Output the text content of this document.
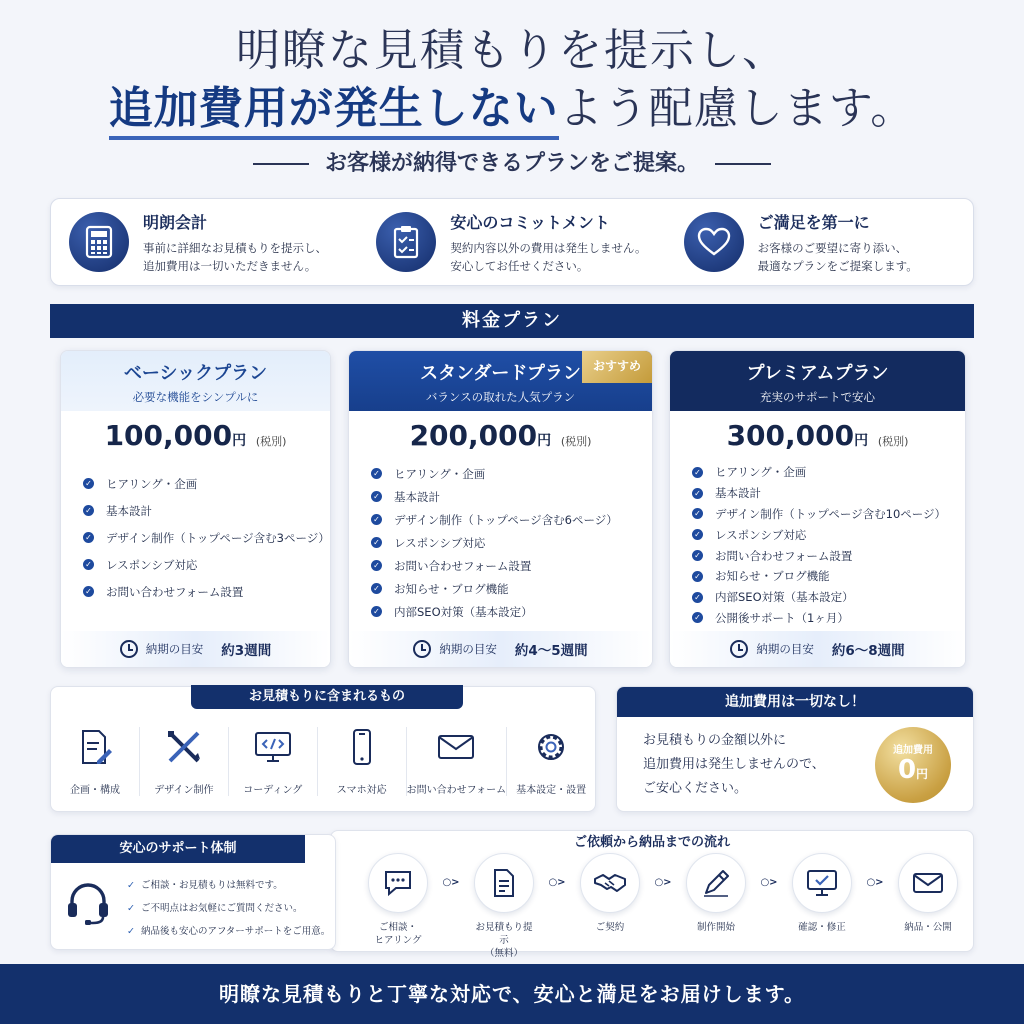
明瞭な見積もりを提示し、
追加費用が発生しないよう配慮します。
お客様が納得できるプランをご提案。
明朗会計
事前に詳細なお見積もりを提示し、
追加費用は一切いただきません。
安心のコミットメント
契約内容以外の費用は発生しません。
安心してお任せください。
ご満足を第一に
お客様のご要望に寄り添い、
最適なプランをご提案します。
料金プラン
ベーシックプラン
必要な機能をシンプルに
100,000円 (税別)
✓ ヒアリング・企画
✓ 基本設計
✓ デザイン制作（トップページ含む3ページ）
✓ レスポンシブ対応
✓ お問い合わせフォーム設置
納期の目安 約3週間
スタンダードプラン
バランスの取れた人気プラン
おすすめ
200,000円 (税別)
✓ ヒアリング・企画
✓ 基本設計
✓ デザイン制作（トップページ含む6ページ）
✓ レスポンシブ対応
✓ お問い合わせフォーム設置
✓ お知らせ・ブログ機能
✓ 内部SEO対策（基本設定）
納期の目安 約4〜5週間
プレミアムプラン
充実のサポートで安心
300,000円 (税別)
✓ ヒアリング・企画
✓ 基本設計
✓ デザイン制作（トップページ含む10ページ）
✓ レスポンシブ対応
✓ お問い合わせフォーム設置
✓ お知らせ・ブログ機能
✓ 内部SEO対策（基本設定）
✓ 公開後サポート（1ヶ月）
納期の目安 約6〜8週間
お見積もりに含まれるもの
企画・構成	デザイン制作	コーディング	スマホ対応	お問い合わせフォーム 基本設定・設置
追加費用は一切なし！
お見積もりの金額以外に
追加費用は発生しませんので、
ご安心ください。
追加費用
0円
ご依頼から納品までの流れ
ご相談・
ヒアリング
○>
お見積もり提示
（無料）
○>
ご契約
○>
制作開始
○>
確認・修正
○>
納品・公開
安心のサポート体制
✓ ご相談・お見積もりは無料です。
✓ ご不明点はお気軽にご質問ください。
✓ 納品後も安心のアフターサポートをご用意。
明瞭な見積もりと丁寧な対応で、安心と満足をお届けします。
